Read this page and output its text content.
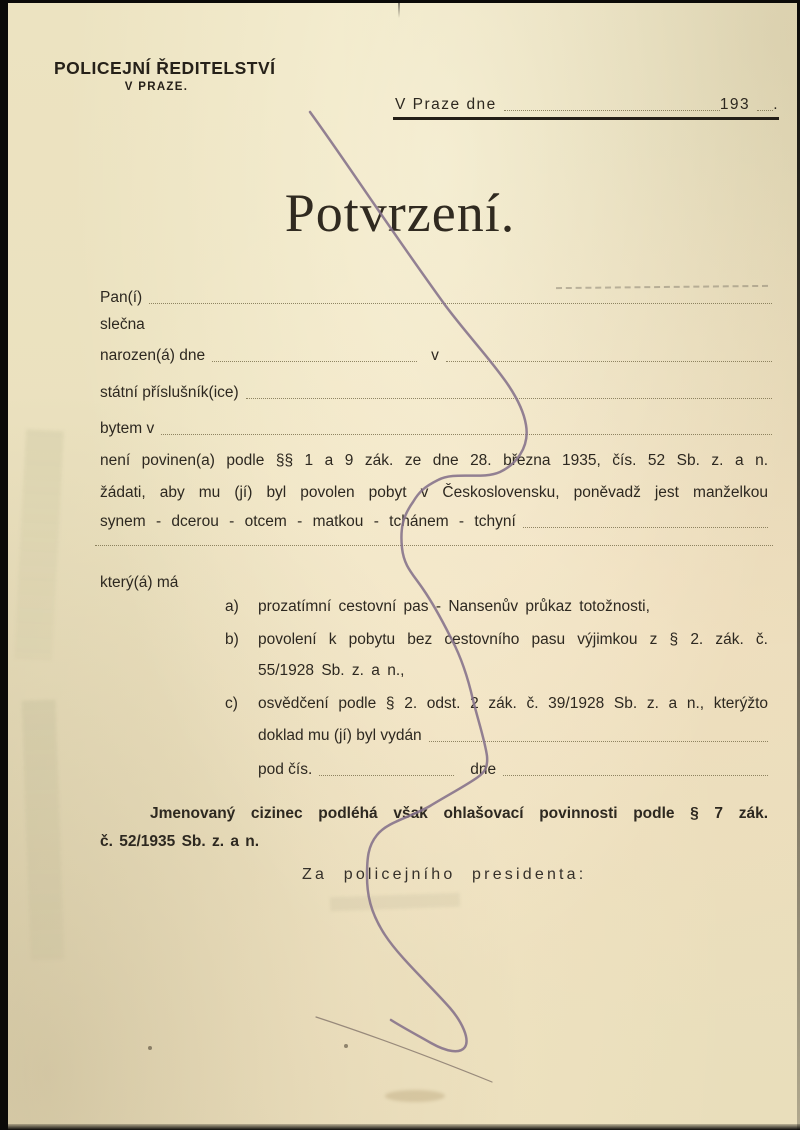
POLICEJNÍ ŘEDITELSTVÍ
V PRAZE.
V Praze dne	193 .
Potvrzení.
Pan(í)
slečna
narozen(á) dne	v
státní příslušník(ice)
bytem v
není povinen(a) podle §§ 1 a 9 zák. ze dne 28. března 1935, čís. 52 Sb. z. a n.
žádati, aby mu (jí) byl povolen pobyt v Československu, poněvadž jest manželkou
synem - dcerou - otcem - matkou - tchánem - tchyní
který(á) má
a) prozatímní cestovní pas - Nansenův průkaz totožnosti,
b) povolení k pobytu bez cestovního pasu výjimkou z § 2. zák. č.
55/1928 Sb. z. a n.,
c) osvědčení podle § 2. odst. 2 zák. č. 39/1928 Sb. z. a n., kterýžto
doklad mu (jí) byl vydán
pod čís.	dne
Jmenovaný cizinec podléhá však ohlašovací povinnosti podle § 7 zák.
č. 52/1935 Sb. z. a n.
Za policejního presidenta:
